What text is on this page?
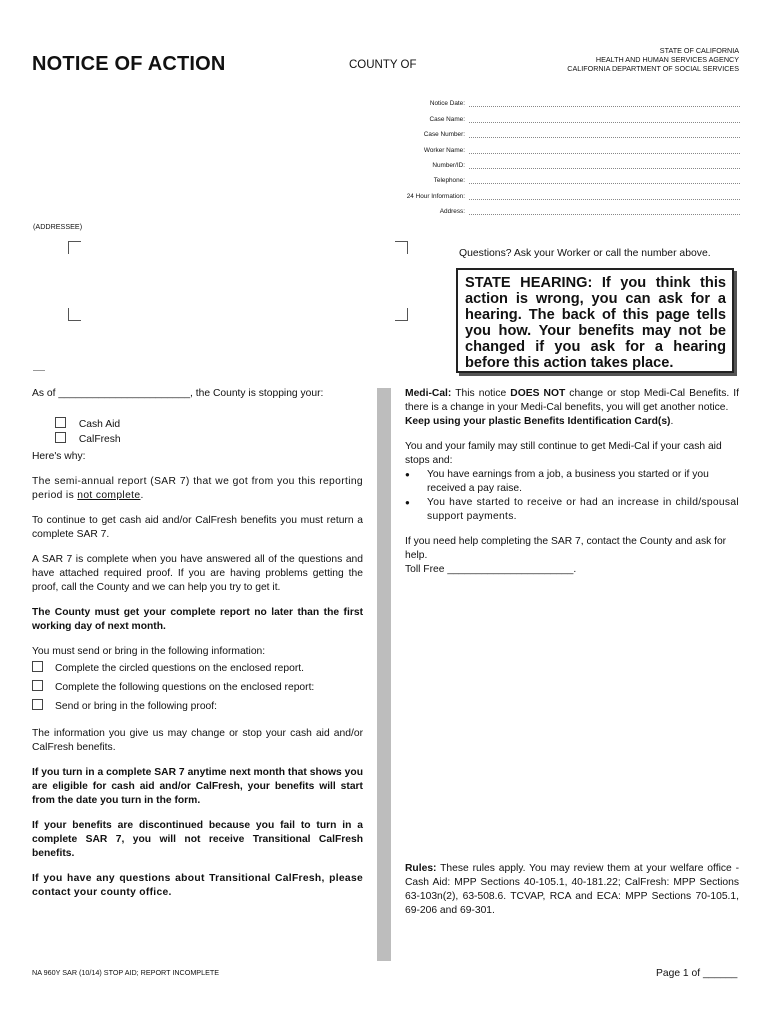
NOTICE OF ACTION	COUNTY OF
STATE OF CALIFORNIA
HEALTH AND HUMAN SERVICES AGENCY
CALIFORNIA DEPARTMENT OF SOCIAL SERVICES
Notice Date:
Case Name:
Case Number:
Worker Name:
Number/ID:
Telephone:
24 Hour Information:
Address:
(ADDRESSEE)
Questions? Ask your Worker or call the number above.
STATE HEARING: If you think this action is wrong, you can ask for a hearing. The back of this page tells you how. Your benefits may not be changed if you ask for a hearing before this action takes place.

As of _______________________, the County is stopping your:

Cash Aid
CalFresh

Here's why:

The semi-annual report (SAR 7) that we got from you this reporting period is not complete.

To continue to get cash aid and/or CalFresh benefits you must return a complete SAR 7.

A SAR 7 is complete when you have answered all of the questions and have attached required proof. If you are having problems getting the proof, call the County and we can help you try to get it.

The County must get your complete report no later than the first working day of next month.

You must send or bring in the following information:

Complete the circled questions on the enclosed report.
Complete the following questions on the enclosed report:
Send or bring in the following proof:

The information you give us may change or stop your cash aid and/or CalFresh benefits.

If you turn in a complete SAR 7 anytime next month that shows you are eligible for cash aid and/or CalFresh, your benefits will start from the date you turn in the form.

If your benefits are discontinued because you fail to turn in a complete SAR 7, you will not receive Transitional CalFresh benefits.

If you have any questions about Transitional CalFresh, please contact your county office.

Medi-Cal: This notice DOES NOT change or stop Medi-Cal Benefits. If there is a change in your Medi-Cal benefits, you will get another notice.

Keep using your plastic Benefits Identification Card(s).

You and your family may still continue to get Medi-Cal if your cash aid stops and:

●	You have earnings from a job, a business you started or if you received a pay raise.
●	You have started to receive or had an increase in child/spousal support payments.

If you need help completing the SAR 7, contact the County and ask for help.

Toll Free ______________________.

Rules: These rules apply. You may review them at your welfare office - Cash Aid: MPP Sections 40-105.1, 40-181.22; CalFresh: MPP Sections 63-103n(2), 63-508.6. TCVAP, RCA and ECA: MPP Sections 70-105.1, 69-206 and 69-301.

NA 960Y SAR (10/14) STOP AID; REPORT INCOMPLETE	Page 1 of ______
